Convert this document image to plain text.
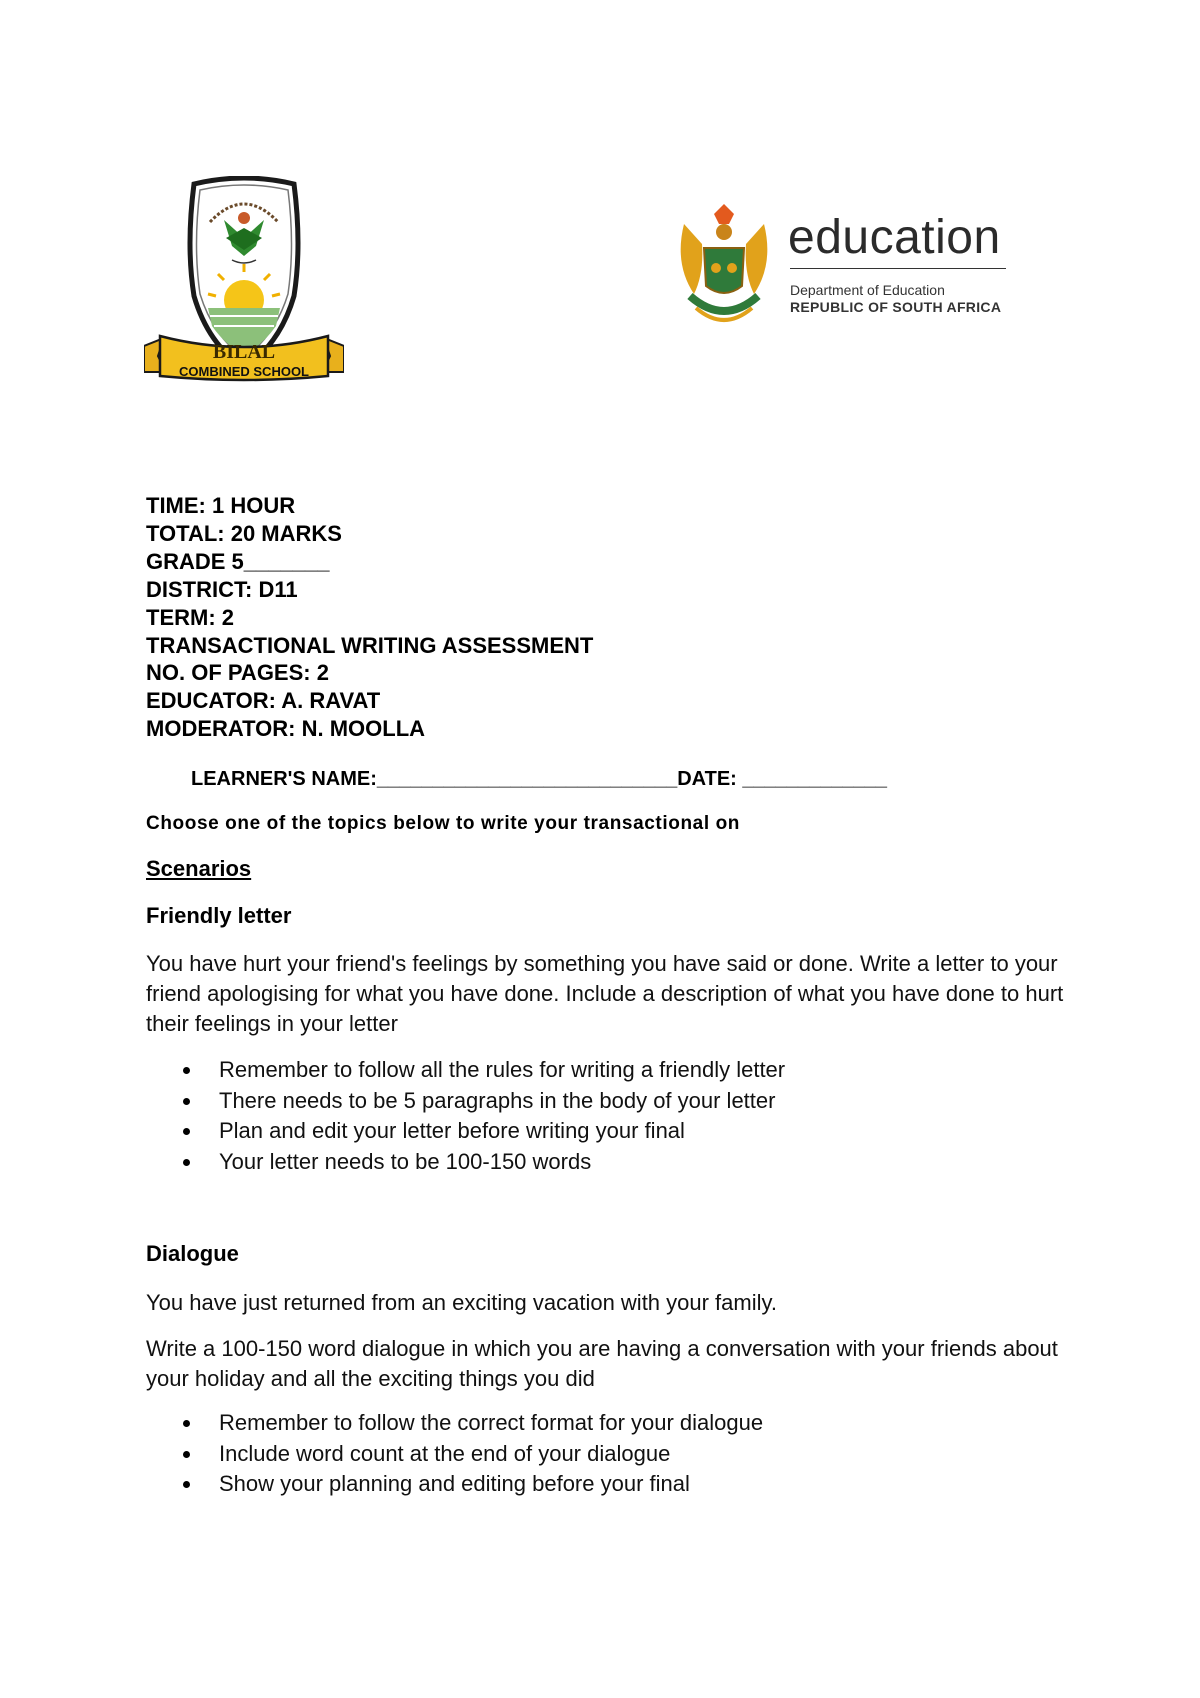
BILAL
COMBINED SCHOOL
education
Department of Education
REPUBLIC OF SOUTH AFRICA
TIME: 1 HOUR
TOTAL: 20 MARKS
GRADE 5_______
DISTRICT: D11
TERM: 2
TRANSACTIONAL WRITING ASSESSMENT
NO. OF PAGES: 2
EDUCATOR: A. RAVAT
MODERATOR: N. MOOLLA
LEARNER'S NAME:___________________________DATE: _____________
Choose one of the topics below to write your transactional on
Scenarios
Friendly letter
You have hurt your friend's feelings by something you have said or done. Write a letter to your friend apologising for what you have done. Include a description of what you have done to hurt their feelings in your letter
Remember to follow all the rules for writing a friendly letter
There needs to be 5 paragraphs in the body of your letter
Plan and edit your letter before writing your final
Your letter needs to be 100-150 words
Dialogue
You have just returned from an exciting vacation with your family.
Write a 100-150 word dialogue in which you are having a conversation with your friends about your holiday and all the exciting things you did
Remember to follow the correct format for your dialogue
Include word count at the end of your dialogue
Show your planning and editing before your final
